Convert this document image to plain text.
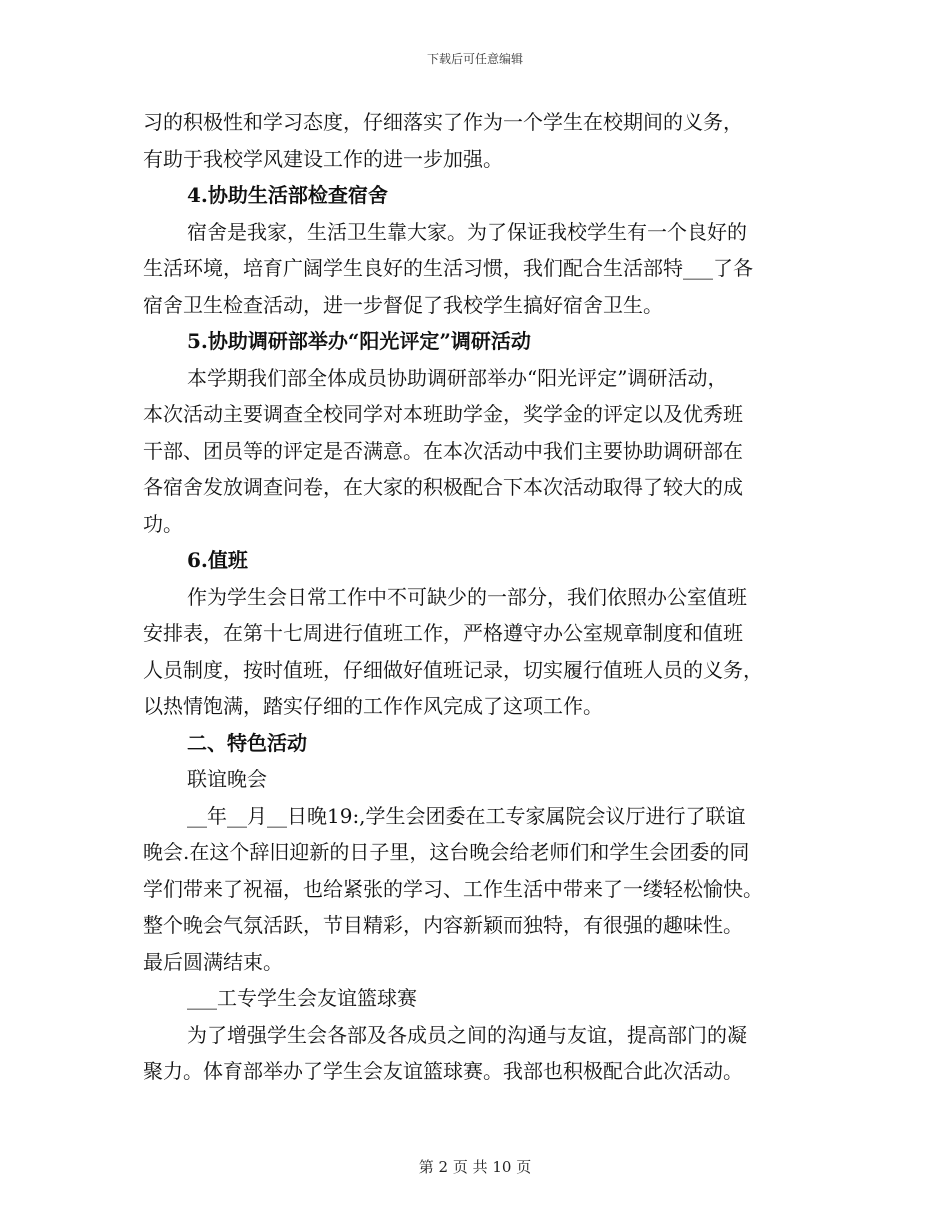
下载后可任意编辑
习的积极性和学习态度，仔细落实了作为一个学生在校期间的义务，
有助于我校学风建设工作的进一步加强。
4.协助生活部检查宿舍
宿舍是我家，生活卫生靠大家。为了保证我校学生有一个良好的
生活环境，培育广阔学生良好的生活习惯，我们配合生活部特___了各
宿舍卫生检查活动，进一步督促了我校学生搞好宿舍卫生。
5.协助调研部举办“阳光评定”调研活动
本学期我们部全体成员协助调研部举办“阳光评定”调研活动，
本次活动主要调查全校同学对本班助学金，奖学金的评定以及优秀班
干部、团员等的评定是否满意。在本次活动中我们主要协助调研部在
各宿舍发放调查问卷，在大家的积极配合下本次活动取得了较大的成
功。
6.值班
作为学生会日常工作中不可缺少的一部分，我们依照办公室值班
安排表，在第十七周进行值班工作，严格遵守办公室规章制度和值班
人员制度，按时值班，仔细做好值班记录，切实履行值班人员的义务，
以热情饱满，踏实仔细的工作作风完成了这项工作。
二、特色活动
联谊晚会
__年__月__日晚19:,学生会团委在工专家属院会议厅进行了联谊
晚会.在这个辞旧迎新的日子里，这台晚会给老师们和学生会团委的同
学们带来了祝福，也给紧张的学习、工作生活中带来了一缕轻松愉快。
整个晚会气氛活跃，节目精彩，内容新颖而独特，有很强的趣味性。
最后圆满结束。
___工专学生会友谊篮球赛
为了增强学生会各部及各成员之间的沟通与友谊，提高部门的凝
聚力。体育部举办了学生会友谊篮球赛。我部也积极配合此次活动。
第 2 页 共 10 页
